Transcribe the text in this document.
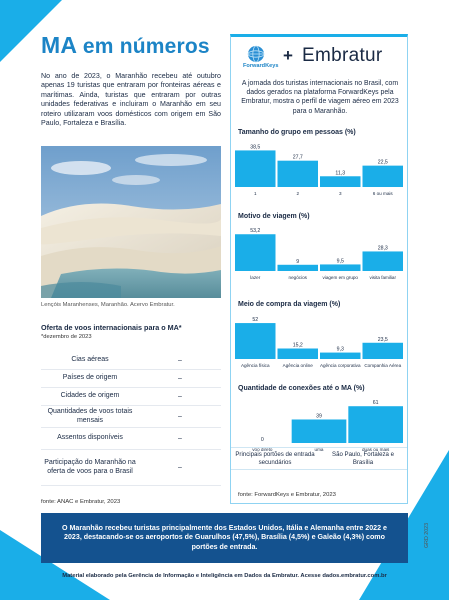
MA em números

No ano de 2023, o Maranhão recebeu até outubro apenas 19 turistas que entraram por fronteiras aéreas e marítimas. Ainda, turistas que entraram por outras unidades federativas e incluiram o Maranhão em seu roteiro utilizaram voos domésticos com origem em São Paulo, Fortaleza e Brasília.

Lençóis Maranhenses, Maranhão. Acervo Embratur.
Oferta de voos internacionais para o MA*
*dezembro de 2023
Cias aéreas	–
Países de origem	–
Cidades de origem	–
Quantidades de voos totais mensais	–
Assentos disponíveis	–
Participação do Maranhão na oferta de voos para o Brasil	–
fonte: ANAC e Embratur, 2023
ForwardKeys
+ Embratur

A jornada dos turistas internacionais no Brasil, com dados gerados na plataforma ForwardKeys pela Embratur, mostra o perfil de viagem aéreo em 2023 para o Maranhão.

Tamanho do grupo em pessoas (%)
38,5
1
27,7
2
11,3
3
22,5
6 ou mais
Motivo de viagem (%)
53,2
lazer
9
negócios
9,5
viagem em grupo
28,3
visita familiar
Meio de compra da viagem (%)
52
Agência física
15,2
Agência online
9,3
Agência corporativa
23,5
Companhia Aérea
Quantidade de conexões até o MA (%)
0
voo direto
39
uma
61
duas ou mais
Principais portões de entrada secundários
São Paulo, Fortaleza e Brasília
fonte: ForwardKeys e Embratur, 2023
O Maranhão recebeu turistas principalmente dos Estados Unidos, Itália e Alemanha entre 2022 e 2023, destacando-se os aeroportos de Guarulhos (47,5%), Brasília (4,5%) e Galeão (4,3%) como portões de entrada.
Material elaborado pela Gerência de Informação e Inteligência em Dados da Embratur. Acesse dados.embratur.com.br
GRD 2023
